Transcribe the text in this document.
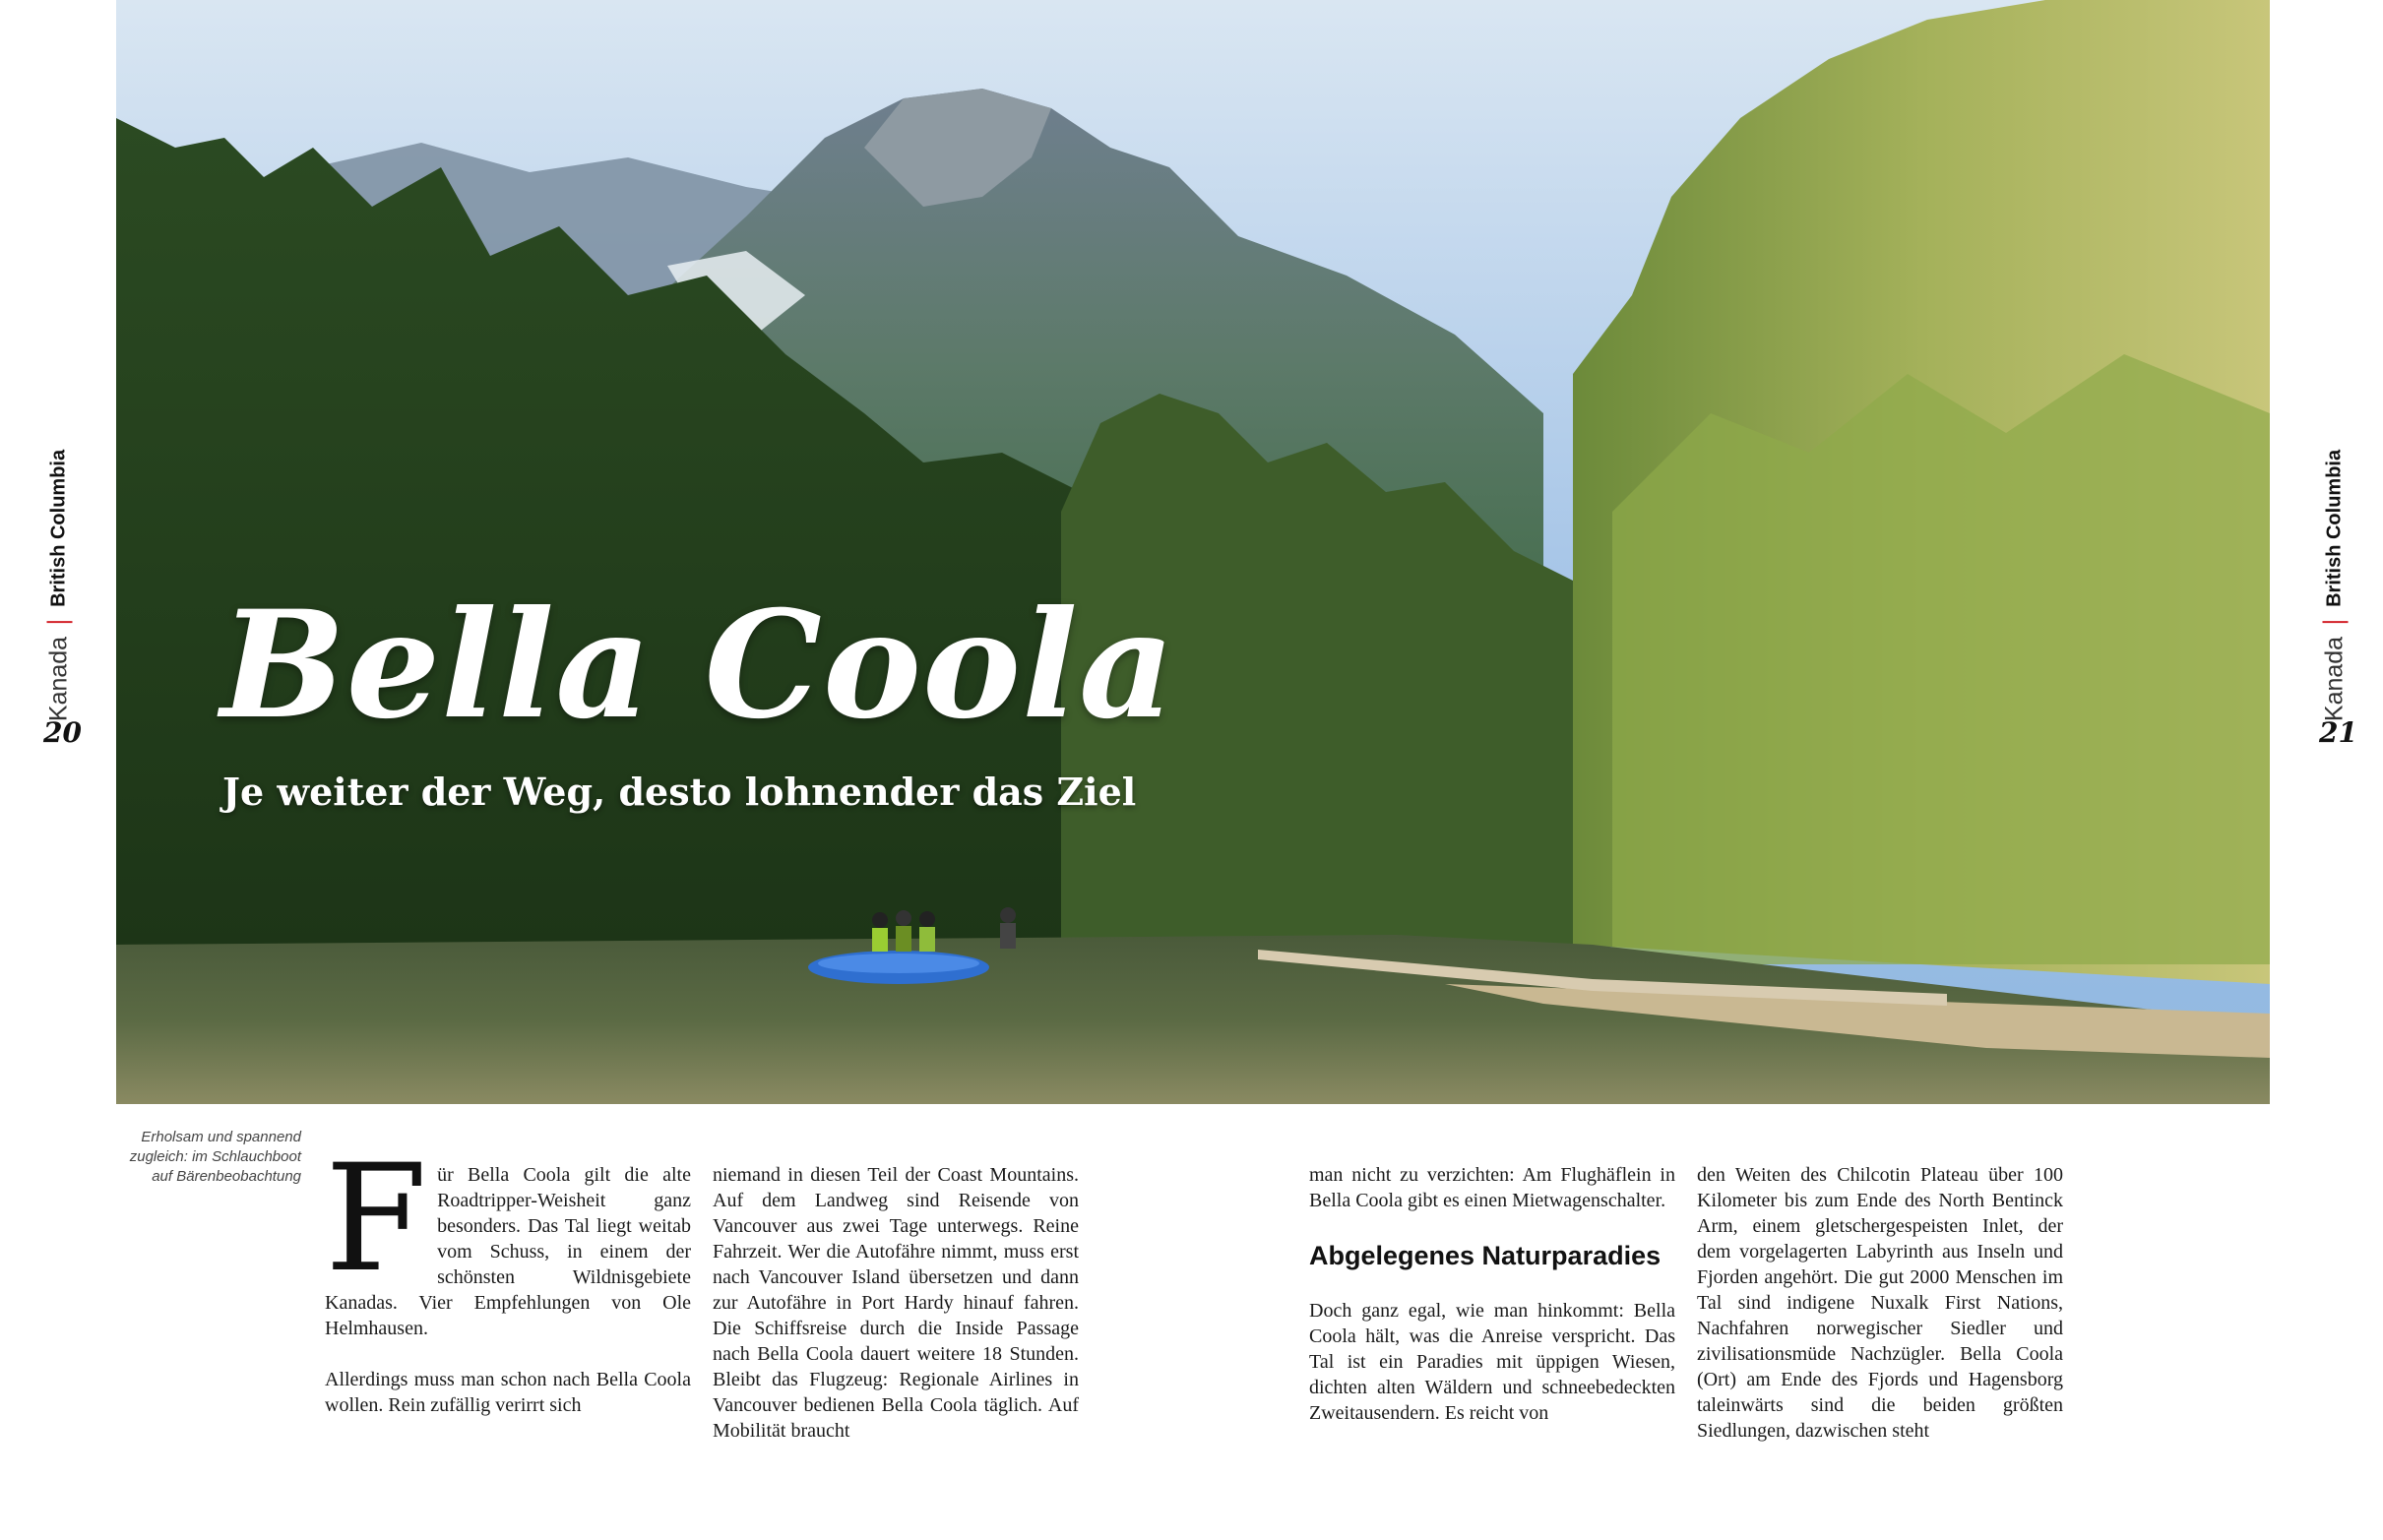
Bella Coola
Je weiter der Weg, desto lohnender das Ziel
Kanada
British Columbia
20
Kanada
British Columbia
21
Erholsam und spannend zugleich: im Schlauchboot auf Bärenbeobachtung Für Bella Coola gilt die alte Roadtripper-Weisheit ganz besonders. Das Tal liegt weitab vom Schuss, in einem der schönsten Wildnisgebiete Kanadas. Vier Empfehlungen von Ole Helmhausen.

Allerdings muss man schon nach Bella Coola wollen. Rein zufällig verirrt sich

niemand in diesen Teil der Coast Mountains. Auf dem Landweg sind Reisende von Vancouver aus zwei Tage unterwegs. Reine Fahrzeit. Wer die Autofähre nimmt, muss erst nach Vancouver Island übersetzen und dann zur Autofähre in Port Hardy hinauf fahren. Die Schiffsreise durch die Inside Passage nach Bella Coola dauert weitere 18 Stunden. Bleibt das Flugzeug: Regionale Airlines in Vancouver bedienen Bella Coola täglich. Auf Mobilität braucht

man nicht zu verzichten: Am Flughäflein in Bella Coola gibt es einen Mietwagenschalter.

Abgelegenes Naturparadies

Doch ganz egal, wie man hinkommt: Bella Coola hält, was die Anreise verspricht. Das Tal ist ein Paradies mit üppigen Wiesen, dichten alten Wäldern und schneebedeckten Zweitausendern. Es reicht von

den Weiten des Chilcotin Plateau über 100 Kilometer bis zum Ende des North Bentinck Arm, einem gletschergespeisten Inlet, der dem vorgelagerten Labyrinth aus Inseln und Fjorden angehört. Die gut 2000 Menschen im Tal sind indigene Nuxalk First Nations, Nachfahren norwegischer Siedler und zivilisationsmüde Nachzügler. Bella Coola (Ort) am Ende des Fjords und Hagensborg taleinwärts sind die beiden größten Siedlungen, dazwischen steht
